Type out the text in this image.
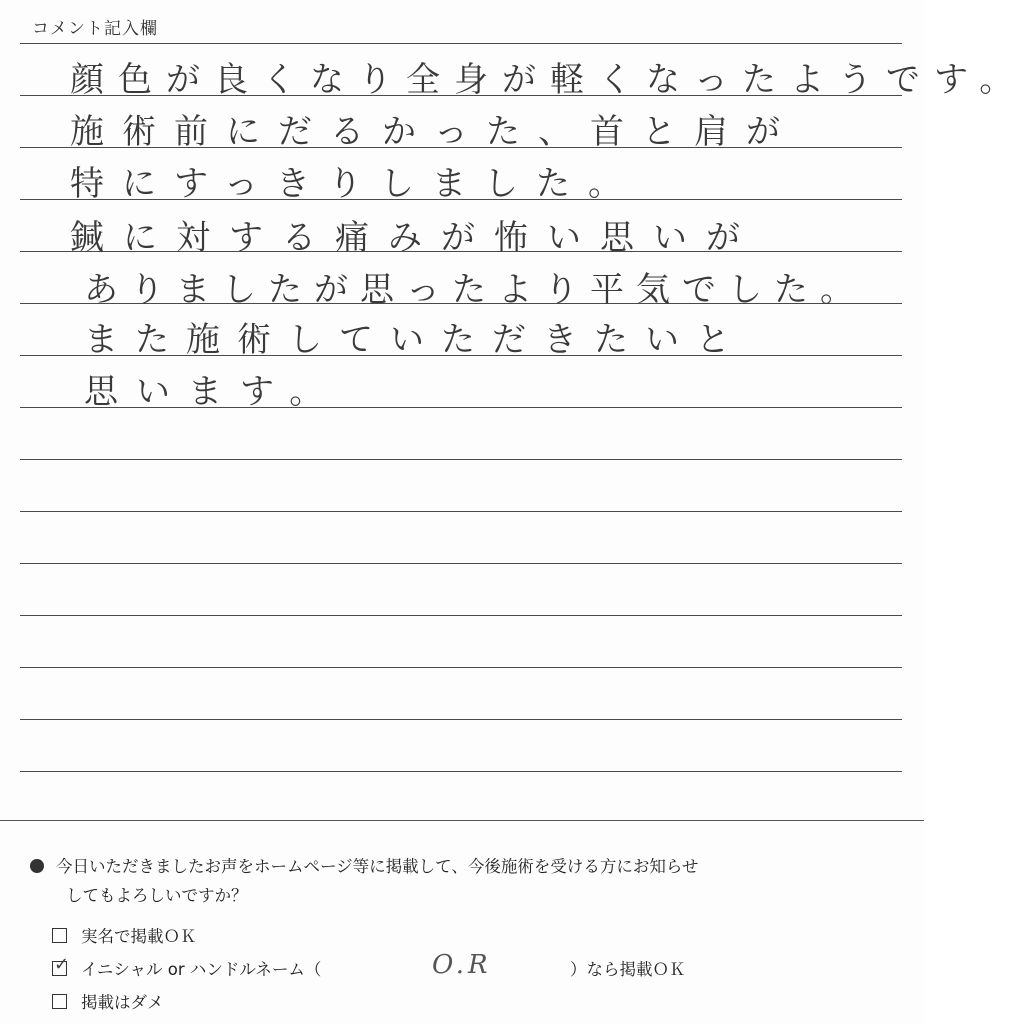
コメント記入欄
顔色が良くなり全身が軽くなったようです。
施術前にだるかった、首と肩が
特にすっきりしました。
鍼に対する痛みが怖い思いが
ありましたが思ったより平気でした。
また施術していただきたいと
思います。
今日いただきましたお声をホームページ等に掲載して、今後施術を受ける方にお知らせ
してもよろしいですか？
実名で掲載ＯＫ
✓ イニシャル or ハンドルネーム（	O.R	）なら掲載ＯＫ
掲載はダメ
